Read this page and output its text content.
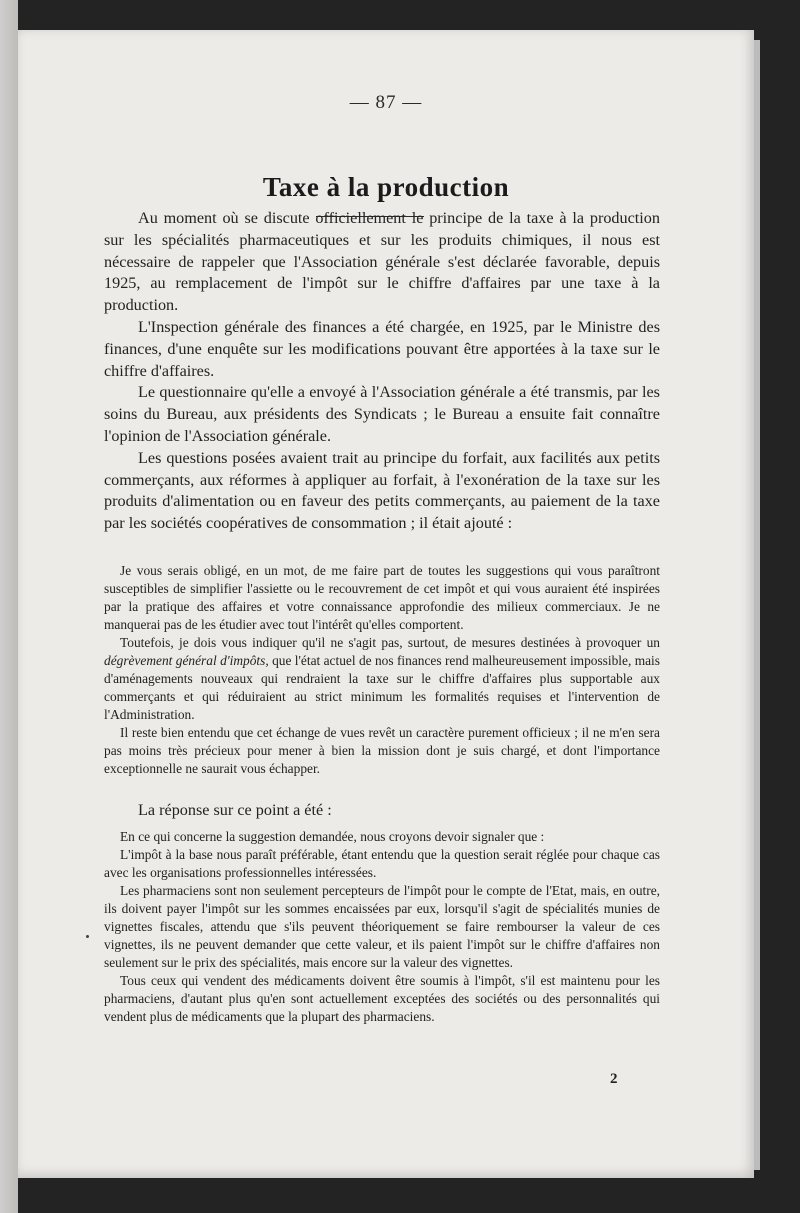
— 87 —
Taxe à la production

Au moment où se discute officiellement le principe de la taxe à la production sur les spécialités pharmaceutiques et sur les produits chimiques, il nous est nécessaire de rappeler que l'Association générale s'est déclarée favorable, depuis 1925, au remplacement de l'impôt sur le chiffre d'affaires par une taxe à la production.

L'Inspection générale des finances a été chargée, en 1925, par le Ministre des finances, d'une enquête sur les modifications pouvant être apportées à la taxe sur le chiffre d'affaires.

Le questionnaire qu'elle a envoyé à l'Association générale a été transmis, par les soins du Bureau, aux présidents des Syndicats ; le Bureau a ensuite fait connaître l'opinion de l'Association générale.

Les questions posées avaient trait au principe du forfait, aux facilités aux petits commerçants, aux réformes à appliquer au forfait, à l'exonération de la taxe sur les produits d'alimentation ou en faveur des petits commerçants, au paiement de la taxe par les sociétés coopératives de consommation ; il était ajouté :

Je vous serais obligé, en un mot, de me faire part de toutes les suggestions qui vous paraîtront susceptibles de simplifier l'assiette ou le recouvrement de cet impôt et qui vous auraient été inspirées par la pratique des affaires et votre connaissance approfondie des milieux commerciaux. Je ne manquerai pas de les étudier avec tout l'intérêt qu'elles comportent.

Toutefois, je dois vous indiquer qu'il ne s'agit pas, surtout, de mesures destinées à provoquer un dégrèvement général d'impôts, que l'état actuel de nos finances rend malheureusement impossible, mais d'aménagements nouveaux qui rendraient la taxe sur le chiffre d'affaires plus supportable aux commerçants et qui réduiraient au strict minimum les formalités requises et l'intervention de l'Administration.

Il reste bien entendu que cet échange de vues revêt un caractère purement officieux ; il ne m'en sera pas moins très précieux pour mener à bien la mission dont je suis chargé, et dont l'importance exceptionnelle ne saurait vous échapper.

La réponse sur ce point a été :

En ce qui concerne la suggestion demandée, nous croyons devoir signaler que :

L'impôt à la base nous paraît préférable, étant entendu que la question serait réglée pour chaque cas avec les organisations professionnelles intéressées.

Les pharmaciens sont non seulement percepteurs de l'impôt pour le compte de l'Etat, mais, en outre, ils doivent payer l'impôt sur les sommes encaissées par eux, lorsqu'il s'agit de spécialités munies de vignettes fiscales, attendu que s'ils peuvent théoriquement se faire rembourser la valeur de ces vignettes, ils ne peuvent demander que cette valeur, et ils paient l'impôt sur le chiffre d'affaires non seulement sur le prix des spécialités, mais encore sur la valeur des vignettes.

Tous ceux qui vendent des médicaments doivent être soumis à l'impôt, s'il est maintenu pour les pharmaciens, d'autant plus qu'en sont actuellement exceptées des sociétés ou des personnalités qui vendent plus de médicaments que la plupart des pharmaciens.

2
